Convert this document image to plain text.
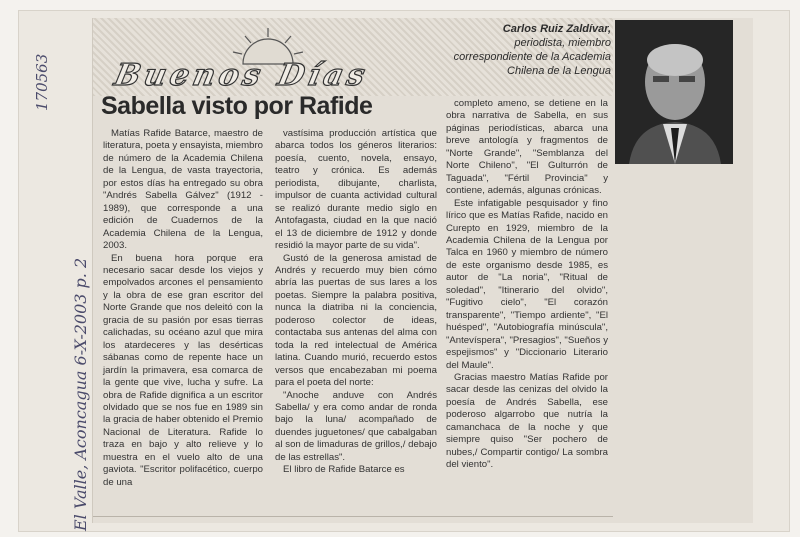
170563
El Valle, Aconcagua 6-X-2003 p. 2
Buenos Días
Sabella visto por Rafide
Carlos Ruiz Zaldívar,
periodista, miembro
correspondiente de la Academia
Chilena de la Lengua

Matías Rafide Batarce, maestro de literatura, poeta y ensayista, miembro de número de la Academia Chilena de la Lengua, de vasta trayectoria, por estos días ha entregado su obra "Andrés Sabella Gálvez" (1912 - 1989), que corresponde a una edición de Cuadernos de la Academia Chilena de la Lengua, 2003.

En buena hora porque era necesario sacar desde los viejos y empolvados arcones el pensamiento y la obra de ese gran escritor del Norte Grande que nos deleitó con la gracia de su pasión por esas tierras calichadas, su océano azul que mira los atardeceres y las desérticas sábanas como de repente hace un jardín la primavera, esa comarca de la gente que vive, lucha y sufre. La obra de Rafide dignifica a un escritor olvidado que se nos fue en 1989 sin la gracia de haber obtenido el Premio Nacional de Literatura. Rafide lo traza en bajo y alto relieve y lo muestra en el vuelo alto de una gaviota. "Escritor polifacético, cuerpo de una

vastísima producción artística que abarca todos los géneros literarios: poesía, cuento, novela, ensayo, teatro y crónica. Es además periodista, dibujante, charlista, impulsor de cuanta actividad cultural se realizó durante medio siglo en Antofagasta, ciudad en la que nació el 13 de diciembre de 1912 y donde residió la mayor parte de su vida".

Gustó de la generosa amistad de Andrés y recuerdo muy bien cómo abría las puertas de sus lares a los poetas. Siempre la palabra positiva, nunca la diatriba ni la conciencia, poderoso colector de ideas, contactaba sus antenas del alma con toda la red intelectual de América latina. Cuando murió, recuerdo estos versos que encabezaban mi poema para el poeta del norte:

"Anoche anduve con Andrés Sabella/ y era como andar de ronda bajo la luna/ acompañado de duendes juguetones/ que cabalgaban al son de limaduras de grillos,/ debajo de las estrellas".

El libro de Rafide Batarce es

completo ameno, se detiene en la obra narrativa de Sabella, en sus páginas periodísticas, abarca una breve antología y fragmentos de "Norte Grande", "Semblanza del Norte Chileno", "El Gulturrón de Taguada", "Fértil Provincia" y contiene, además, algunas crónicas.

Este infatigable pesquisador y fino lírico que es Matías Rafide, nacido en Curepto en 1929, miembro de la Academia Chilena de la Lengua por Talca en 1960 y miembro de número de este organismo desde 1985, es autor de "La noria", "Ritual de soledad", "Itinerario del olvido", "Fugitivo cielo", "El corazón transparente", "Tiempo ardiente", "El huésped", "Autobiografía minúscula", "Antevíspera", "Presagios", "Sueños y espejismos" y "Diccionario Literario del Maule".

Gracias maestro Matías Rafide por sacar desde las cenizas del olvido la poesía de Andrés Sabella, ese poderoso algarrobo que nutría la camanchaca de la noche y que siempre quiso "Ser pochero de nubes,/ Compartir contigo/ La sombra del viento".
